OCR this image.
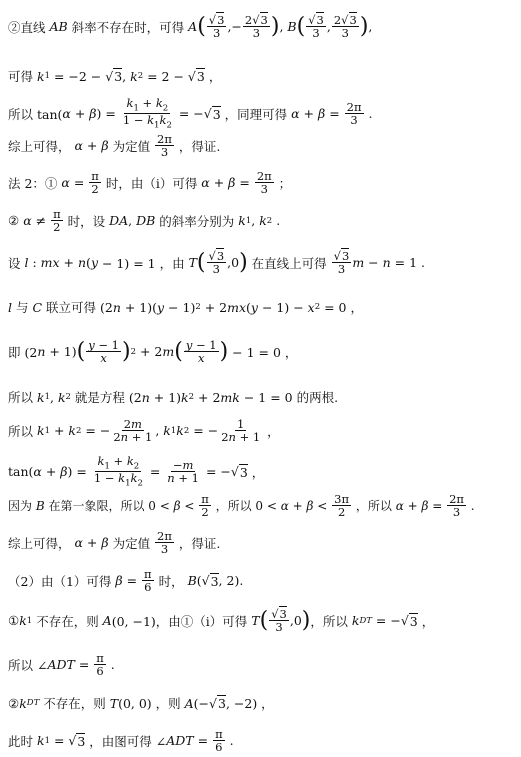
②直线 AB 斜率不存在时，可得 A ( $\frac{√3}{3}$ ,− $\frac{2√3}{3}$ ) , B ( $\frac{√3}{3}$ , $\frac{2√3}{3}$ ) ,
可得 k 1 = −2 − √ 3 , k 2 = 2 − √ 3 ，
所以 tan( α + β ) = $\frac{k_1 + k_2}{1 - k_1k_2}$ = −√ 3 ，同理可得 $\alpha + \beta = \frac{2\pi}{3}$ .
综上可得， α + β 为定值 $\frac{2\pi}{3}$ ，得证.
法 2：① $\alpha = \frac{\pi}{2}$ 时，由（i）可得 $\alpha + \beta = \frac{2\pi}{3}$ ；
② $\alpha \ne \frac{\pi}{2}$ 时，设 DA , DB 的斜率分别为 k 1 , k 2 .
设 l : mx + n ( y − 1) = 1 ，由 T ( $\frac{√3}{3} ,0$ ) 在直线上可得 $\frac{√3}{3}$ m − n = 1 .
l 与 C 联立可得 (2 n + 1)( y − 1) 2 + 2 mx ( y − 1) − x 2 = 0 ，
即 (2 n + 1) ( $\frac{y - 1}{x}$ ) 2 + 2 m ( $\frac{y - 1}{x}$ ) − 1 = 0 ，
所以 k 1 , k 2 就是方程 (2 n + 1) k 2 + 2 mk − 1 = 0 的两根.
所以 k 1 + k 2 = − $\frac{2m}{2n + 1}$ , k 1 k 2 = − $\frac{1}{2n + 1}$ ，
tan( α + β ) = $\frac{k_1 + k_2}{1 - k_1k_2} = \frac{-m}{n + 1}$ = −√ 3 ，
因为 B 在第一象限，所以 $0 < \beta < \frac{\pi}{2}$ ，所以 $0 < \alpha + \beta < \frac{3\pi}{2}$ ，所以 $\alpha + \beta = \frac{2\pi}{3}$ .
综上可得， α + β 为定值 $\frac{2\pi}{3}$ ，得证.
（2）由（1）可得 $\beta = \frac{\pi}{6}$ 时， B (√ 3 , 2).
① k 1 不存在，则 A (0, −1)，由①（i）可得 T ( $\frac{√3}{3} ,0$ ) ，所以 k DT = −√ 3 ，
所以 ∠ ADT = $\frac{\pi}{6}$ .
② k DT 不存在，则 T (0, 0) ，则 A (−√ 3 , −2) ，
此时 k 1 = √ 3 ，由图可得 ∠ ADT = $\frac{\pi}{6}$ .
